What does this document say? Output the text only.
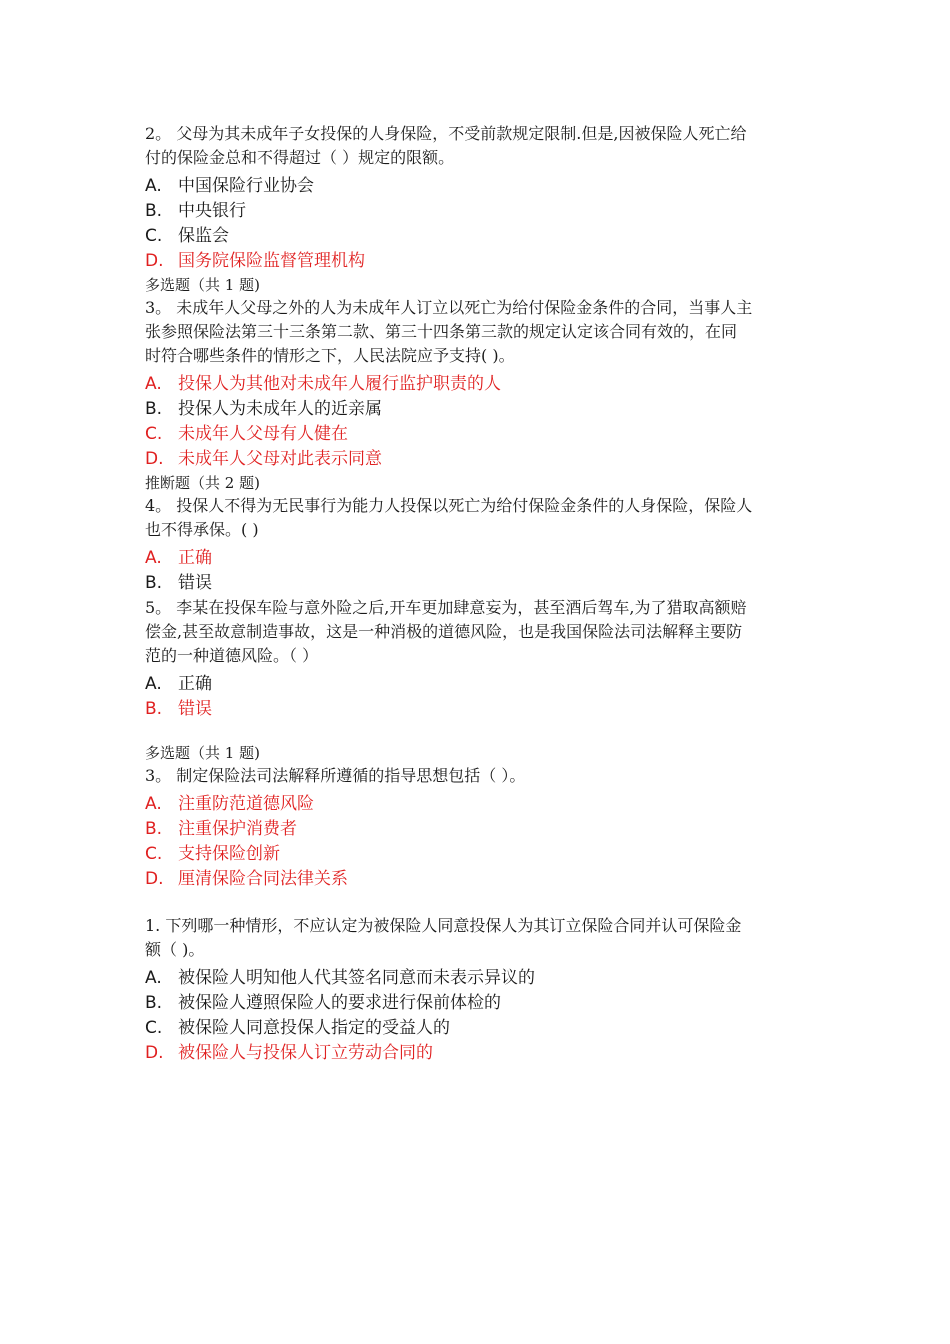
2。 父母为其未成年子女投保的人身保险，不受前款规定限制.但是,因被保险人死亡给
付的保险金总和不得超过（ ）规定的限额。

A. 中国保险行业协会
B. 中央银行
C. 保监会
D. 国务院保险监督管理机构

多选题（共 1 题)

3。 未成年人父母之外的人为未成年人订立以死亡为给付保险金条件的合同，当事人主
张参照保险法第三十三条第二款、第三十四条第三款的规定认定该合同有效的，在同
时符合哪些条件的情形之下，人民法院应予支持( )。

A. 投保人为其他对未成年人履行监护职责的人
B. 投保人为未成年人的近亲属
C. 未成年人父母有人健在
D. 未成年人父母对此表示同意

推断题（共 2 题)

4。 投保人不得为无民事行为能力人投保以死亡为给付保险金条件的人身保险，保险人
也不得承保。( )

A. 正确
B. 错误

5。 李某在投保车险与意外险之后,开车更加肆意妄为，甚至酒后驾车,为了猎取高额赔
偿金,甚至故意制造事故，这是一种消极的道德风险，也是我国保险法司法解释主要防
范的一种道德风险。（ ）

A. 正确
B. 错误

多选题（共 1 题)

3。 制定保险法司法解释所遵循的指导思想包括（ ）。

A. 注重防范道德风险
B. 注重保护消费者
C. 支持保险创新
D. 厘清保险合同法律关系

1. 下列哪一种情形，不应认定为被保险人同意投保人为其订立保险合同并认可保险金
额（ )。

A. 被保险人明知他人代其签名同意而未表示异议的
B. 被保险人遵照保险人的要求进行保前体检的
C. 被保险人同意投保人指定的受益人的
D. 被保险人与投保人订立劳动合同的
